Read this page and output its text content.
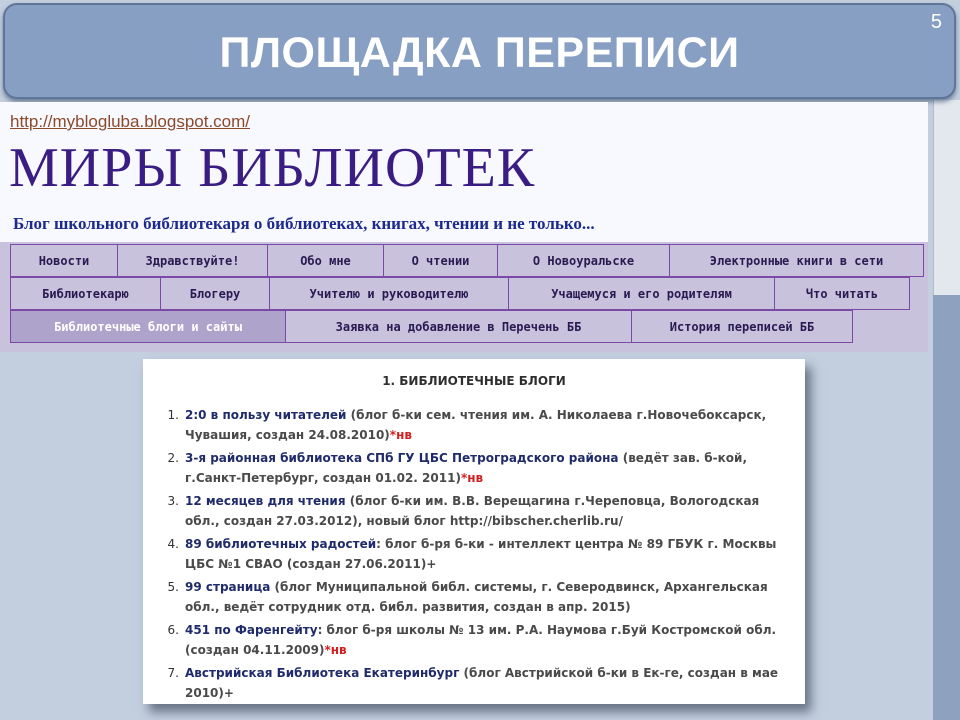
ПЛОЩАДКА ПЕРЕПИСИ
5
http://myblogluba.blogspot.com/
МИРЫ БИБЛИОТЕК
Блог школьного библиотекаря о библиотеках, книгах, чтении и не только...
Новости	Здравствуйте!	Обо мне	О чтении	О Новоуральске	Электронные книги в сети
Библиотекарю	Блогеру	Учителю и руководителю	Учащемуся и его родителям	Что читать
Библиотечные блоги и сайты	Заявка на добавление в Перечень ББ	История переписей ББ
1. БИБЛИОТЕЧНЫЕ БЛОГИ
1. 2:0 в пользу читателей (блог б-ки сем. чтения им. А. Николаева г.Новочебоксарск, Чувашия, создан 24.08.2010)*нв
2. 3-я районная библиотека СПб ГУ ЦБС Петроградского района (ведёт зав. б-кой, г.Санкт-Петербург, создан 01.02. 2011)*нв
3. 12 месяцев для чтения (блог б-ки им. В.В. Верещагина г.Череповца, Вологодская обл., создан 27.03.2012), новый блог http://bibscher.cherlib.ru/
4. 89 библиотечных радостей: блог б-ря б-ки - интеллект центра № 89 ГБУК г. Москвы ЦБС №1 СВАО (создан 27.06.2011)+
5. 99 страница (блог Муниципальной библ. системы, г. Северодвинск, Архангельская обл., ведёт сотрудник отд. библ. развития, создан в апр. 2015)
6. 451 по Фаренгейту: блог б-ря школы № 13 им. Р.А. Наумова г.Буй Костромской обл. (создан 04.11.2009)*нв
7. Австрийская Библиотека Екатеринбург (блог Австрийской б-ки в Ек-ге, создан в мае 2010)+
